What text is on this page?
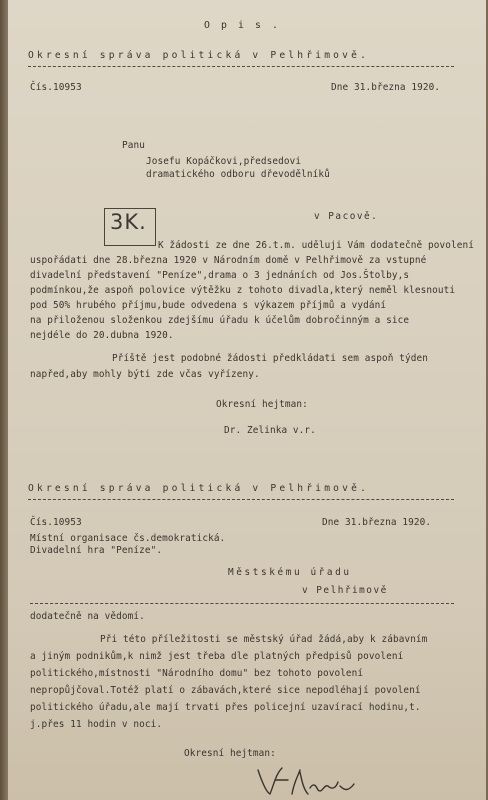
O p i s .
Okresní správa politická v Pelhřimově.
Čís.10953	Dne 31.března 1920.
Panu
Josefu Kopáčkovi,předsedovi
dramatického odboru dřevodělníků
v Pacově.
3K.
K žádosti ze dne 26.t.m. uděluji Vám dodatečně povolení
uspořádati dne 28.března 1920 v Národním domě v Pelhřimově za vstupné
divadelní představení "Peníze",drama o 3 jednáních od Jos.Štolby,s
podmínkou,že aspoň polovice výtěžku z tohoto divadla,který neměl klesnouti
pod 50% hrubého příjmu,bude odvedena s výkazem příjmů a vydání
na přiloženou složenkou zdejšímu úřadu k účelům dobročinným a sice
nejdéle do 20.dubna 1920.
Příště jest podobné žádosti předkládati sem aspoň týden
napřed,aby mohly býti zde včas vyřízeny.
Okresní hejtman:
Dr. Zelinka v.r.
Okresní správa politická v Pelhřimově.
Čís.10953	Dne 31.března 1920.
Místní organisace čs.demokratická.
Divadelní hra "Peníze".
Městskému úřadu
v Pelhřimově
dodatečně na vědomí.
Při této příležitosti se městský úřad žádá,aby k zábavním
a jiným podnikům,k nimž jest třeba dle platných předpisů povolení
politického,místnosti "Národního domu" bez tohoto povolení
nepropůjčoval.Totéž platí o zábavách,které sice nepodléhají povolení
politického úřadu,ale mají trvati přes policejní uzavírací hodinu,t.
j.přes 11 hodin v noci.
Okresní hejtman:
